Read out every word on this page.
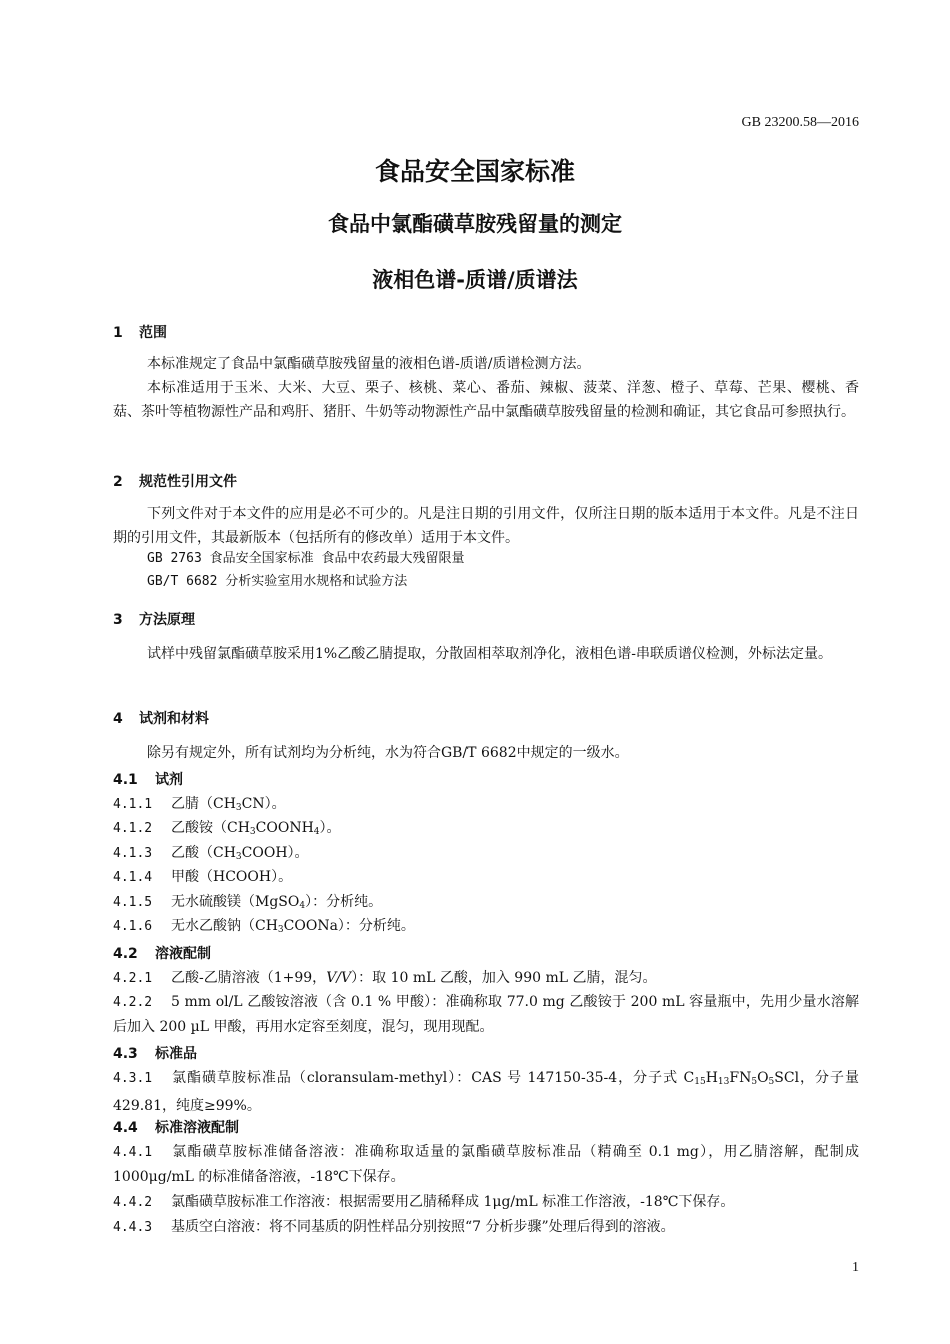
GB 23200.58—2016
食品安全国家标准
食品中氯酯磺草胺残留量的测定
液相色谱-质谱/质谱法
1 范围
本标准规定了食品中氯酯磺草胺残留量的液相色谱-质谱/质谱检测方法。
本标准适用于玉米、大米、大豆、栗子、核桃、菜心、番茄、辣椒、菠菜、洋葱、橙子、草莓、芒果、樱桃、香菇、茶叶等植物源性产品和鸡肝、猪肝、牛奶等动物源性产品中氯酯磺草胺残留量的检测和确证，其它食品可参照执行。
2 规范性引用文件
下列文件对于本文件的应用是必不可少的。凡是注日期的引用文件，仅所注日期的版本适用于本文件。凡是不注日期的引用文件，其最新版本（包括所有的修改单）适用于本文件。
GB 2763 食品安全国家标准 食品中农药最大残留限量
GB/T 6682 分析实验室用水规格和试验方法
3 方法原理
试样中残留氯酯磺草胺采用1%乙酸乙腈提取，分散固相萃取剂净化，液相色谱-串联质谱仪检测，外标法定量。
4 试剂和材料
除另有规定外，所有试剂均为分析纯，水为符合GB/T 6682中规定的一级水。
4.1 试剂
4.1.1 乙腈$(CH_3CN)$。
4.1.2 乙酸铵$(CH_3COONH_4)$。
4.1.3 乙酸$(CH_3COOH)$。
4.1.4 甲酸（HCOOH）。
4.1.5 无水硫酸镁（MgSO$_4$）：分析纯。
4.1.6 无水乙酸钠$(CH_3COONa)$：分析纯。
4.2 溶液配制
4.2.1 乙酸-乙腈溶液（1+99，V/V）：取 10 mL 乙酸，加入 990 mL 乙腈，混匀。
4.2.2 5 mm ol/L 乙酸铵溶液（含 0.1 % 甲酸）：准确称取 77.0 mg 乙酸铵于 200 mL 容量瓶中，先用少量水溶解后加入 200 µL 甲酸，再用水定容至刻度，混匀，现用现配。
4.3 标准品
4.3.1 氯酯磺草胺标准品（cloransulam-methyl）：CAS 号 147150-35-4，分子式 $C_{15}H_{13}FN_5O_5SCl$，分子量 429.81，纯度≥99%。
4.4 标准溶液配制
4.4.1 氯酯磺草胺标准储备溶液：准确称取适量的氯酯磺草胺标准品（精确至 0.1 mg），用乙腈溶解，配制成 1000μg/mL 的标准储备溶液，-18℃下保存。
4.4.2 氯酯磺草胺标准工作溶液：根据需要用乙腈稀释成 1μg/mL 标准工作溶液，-18℃下保存。
4.4.3 基质空白溶液：将不同基质的阴性样品分别按照“7 分析步骤”处理后得到的溶液。
1
